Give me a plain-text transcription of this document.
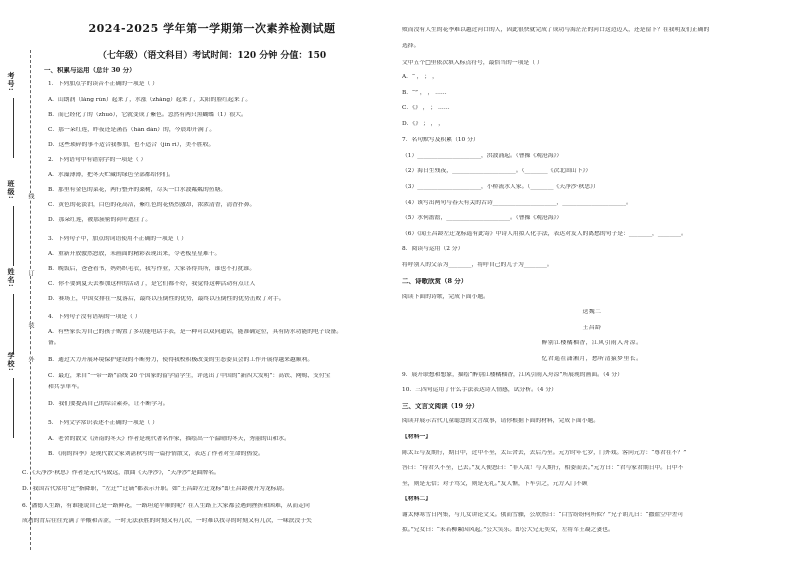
考号:
班级:
姓名:
学校:
线
订
装
外
2024-2025 学年第一学期第一次素养检测试题
（七年级）（语文科目）考试时间：120 分钟 分值：150
一、积累与运用（总计 30 分）
1．下列加点字的读音不正确的一项是（ ）
A．山朗润（lǎng rùn）起来了，水涨（zhǎng）起来了，太阳的脸红起来了。
B．而已经化了的（zhuó），它就变成了紫色。忽然有两只黑蝴蝶（1）很大。
C．那一朵红莲，昨夜还是菡萏（hàn dàn）的，今晨却开满了。
D．这些琐碎的事不适合我参加，也不适合（jìn rì），美不胜收。
2．下列语句中有错别字的一项是（ ）
A．水藻薄薄，把冬天贮藏的绿色全部都给你们。
B．那里有金色的菜花，两行整齐的桑树，尽头一口水波粼粼的鱼塘。
C．黄色的花淡泊，白色的花高洁，紫红色的花热烈激昂，浓浓清香，清香扑鼻。
D．那朵红莲，被那簇密的荷叶遮住了。
3．下列句子中，加点的词语使用不正确的一项是（ ）
A．重新开放傲然怒放，未画面的精彩表现出来，令老板星星难干。
B．晚饭后，爸爸看书，妈妈织毛衣，我写作业，大家各得其所，谁也不打扰谁。
C．你不要到夏天去参加这样的活动了，是它们都不好，我觉得这种活动有点让人
D．赛场上，中国女排在一度落后，最终以压倒性的优势，最终以压倒性的优势击败了对手。
4．下列句子没有语病的一项是（ ）
A．有些家长为自己的孩子购置了多功能电话手表，是一种可以双向通话，能准确定位，具有防水功能的电子设备。
备。
B．通过大力开展环境保护建设的不断努力，使得我校积极改变的生态委员会的工作开展得越来越顺利。
C．最近，来自“一带一路”沿线 20 个国家的留学留学生，评选出了中国的“新四大发明”：高铁、网购、支付宝
和共享单车。
D．我们要提高自己的综合素养，让不断学习。
5．下列文学常识表述不正确的一项是（ ）
A．老舍的散文《济南的冬天》作者是现代著名作家，描绘出一个温晴的冬天，秀丽的山和水。
B．《雨的四季》是现代散文家刘湛秋写的一篇抒情散文，表达了作者对生命的热爱。
C．《天净沙·秋思》作者是元代马致远，散曲《天净沙》，“天净沙”是曲牌名。
D．我国古代常用“迁”指降职，“左迁”“迁谪”都表示升职。如“王昌龄左迁龙标”即王昌龄被升为龙标尉。
6．潘德人生路，有谁能说自己是一路鲜花，一路坦途平顺的呢？在人生路上大家都会遇到挫折和困难，从而走向
成功的背后往往充满了辛酸和苦涩，一时无法获胜的时刻又有几次，一时难以找寻的时刻又有几次，一味泯没于失
败而没有人生的花季难以越过河口的人，因此很快就完成了成功与海茫茫的河口这边迈入，还是留下？在我明友们正确的
选择。
文中五个□里依次填入标点符号，最恰当的一项是（ ）
A．“ ， ； ，
B．“” ， ， ……
C．《》 ， ； ……
D．《》 ； ， ，
7．名句默写及积累（10 分）
（1）______________________，洪波涌起。（曹操《观沧海》）
（2）海日生残夜，______________________。（________《次北固山下》）
（3）______________________，小桥流水人家。（________《天净沙·秋思》）
（4）该写出两句与春天有关的古诗______________________，______________________。
（5）水何澹澹，______________________。（曹操《观沧海》）
（6）《闻王昌龄左迁龙标遥有此寄》中诗人用拟人化手法，表达对友人的离愁的句子是：________，________。
8．阅读与运用（2 分）
将呼别人的父亲为________，将呼自己的儿子为________。
二、诗歌欣赏（8 分）
阅读下面的诗歌，完成下面小题。
送魏二
王昌龄
醉别江楼橘柚香，江风引雨入舟凉。
忆君遥在潇湘月，愁听清猿梦里长。
9．展开联想和想象，描绘“醉别江楼橘柚香，江风引雨入舟凉”所展现的画面。（4 分）
10．三四句运用了什么手法表达诗人情感，试分析。（4 分）
三、文言文阅读（19 分）
阅读并展示古代儿童聪慧的文言故事，请你根据下面的材料，完成下面小题。
【材料一】
陈太丘与友期行，期日中，过中不至，太丘舍去，去后乃至。元方时年七岁，门外戏。客问元方：“尊君在不？”
答曰：“待君久不至，已去。”友人便怒曰：“非人哉！与人期行，相委而去。”元方曰：“君与家君期日中。日中不
至，则是无信；对子骂父，则是无礼。”友人惭，下车引之，元方入门不顾
【材料二】
谢太傅寒雪日内集，与儿女讲论文义。俄而雪骤，公欣然曰：“白雪纷纷何所似？”兄子胡儿曰：“撒盐空中差可
拟。”兄女曰：“未若柳絮因风起。”公大笑乐。即公大兄无奕女，左将军王凝之妻也。
